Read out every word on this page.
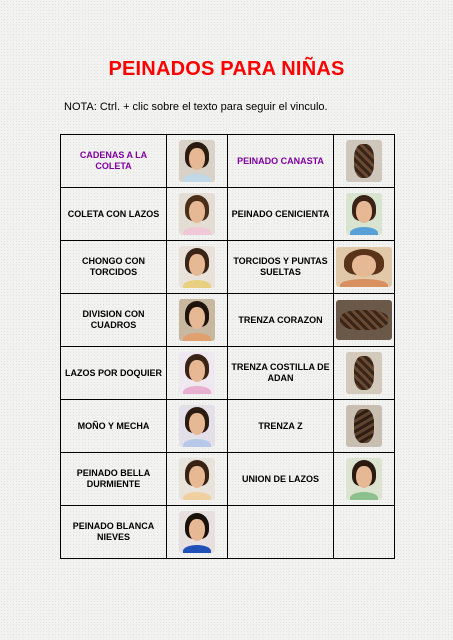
PEINADOS PARA NIÑAS
NOTA: Ctrl. + clic sobre el texto para seguir el vinculo.
CADENAS A LA COLETA		PEINADO CANASTA	

COLETA CON LAZOS		PEINADO CENICIENTA	

CHONGO CON TORCIDOS		TORCIDOS Y PUNTAS SUELTAS	

DIVISION CON CUADROS		TRENZA CORAZON	

LAZOS POR DOQUIER		TRENZA COSTILLA DE ADAN	

MOÑO Y MECHA		TRENZA Z	

PEINADO BELLA DURMIENTE		UNION DE LAZOS	

PEINADO BLANCA NIEVES	
